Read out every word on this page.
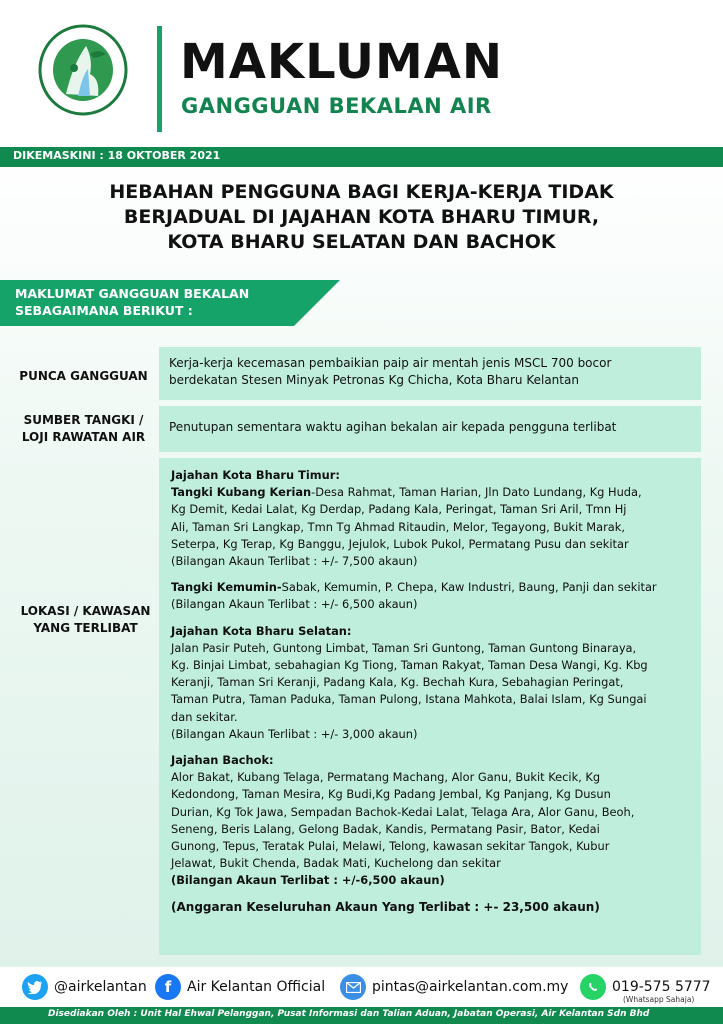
MAKLUMAN
GANGGUAN BEKALAN AIR
DIKEMASKINI : 18 OKTOBER 2021
HEBAHAN PENGGUNA BAGI KERJA-KERJA TIDAK
BERJADUAL DI JAJAHAN KOTA BHARU TIMUR,
KOTA BHARU SELATAN DAN BACHOK
MAKLUMAT GANGGUAN BEKALAN
SEBAGAIMANA BERIKUT :
PUNCA GANGGUAN
Kerja-kerja kecemasan pembaikian paip air mentah jenis MSCL 700 bocor
berdekatan Stesen Minyak Petronas Kg Chicha, Kota Bharu Kelantan
SUMBER TANGKI /
LOJI RAWATAN AIR
Penutupan sementara waktu agihan bekalan air kepada pengguna terlibat
LOKASI / KAWASAN
YANG TERLIBAT
Jajahan Kota Bharu Timur:
Tangki Kubang Kerian-Desa Rahmat, Taman Harian, Jln Dato Lundang, Kg Huda,
Kg Demit, Kedai Lalat, Kg Derdap, Padang Kala, Peringat, Taman Sri Aril, Tmn Hj
Ali, Taman Sri Langkap, Tmn Tg Ahmad Ritaudin, Melor, Tegayong, Bukit Marak,
Seterpa, Kg Terap, Kg Banggu, Jejulok, Lubok Pukol, Permatang Pusu dan sekitar
(Bilangan Akaun Terlibat : +/- 7,500 akaun)
Tangki Kemumin-Sabak, Kemumin, P. Chepa, Kaw Industri, Baung, Panji dan sekitar
(Bilangan Akaun Terlibat : +/- 6,500 akaun)
Jajahan Kota Bharu Selatan:
Jalan Pasir Puteh, Guntong Limbat, Taman Sri Guntong, Taman Guntong Binaraya,
Kg. Binjai Limbat, sebahagian Kg Tiong, Taman Rakyat, Taman Desa Wangi, Kg. Kbg
Keranji, Taman Sri Keranji, Padang Kala, Kg. Bechah Kura, Sebahagian Peringat,
Taman Putra, Taman Paduka, Taman Pulong, Istana Mahkota, Balai Islam, Kg Sungai
dan sekitar.
(Bilangan Akaun Terlibat : +/- 3,000 akaun)
Jajahan Bachok:
Alor Bakat, Kubang Telaga, Permatang Machang, Alor Ganu, Bukit Kecik, Kg
Kedondong, Taman Mesira, Kg Budi,Kg Padang Jembal, Kg Panjang, Kg Dusun
Durian, Kg Tok Jawa, Sempadan Bachok-Kedai Lalat, Telaga Ara, Alor Ganu, Beoh,
Seneng, Beris Lalang, Gelong Badak, Kandis, Permatang Pasir, Bator, Kedai
Gunong, Tepus, Teratak Pulai, Melawi, Telong, kawasan sekitar Tangok, Kubur
Jelawat, Bukit Chenda, Badak Mati, Kuchelong dan sekitar
(Bilangan Akaun Terlibat : +/-6,500 akaun)
(Anggaran Keseluruhan Akaun Yang Terlibat : +- 23,500 akaun)
@airkelantan	f	Air Kelantan Official	pintas@airkelantan.com.my	019-575 5777
(Whatsapp Sahaja)
Disediakan Oleh : Unit Hal Ehwal Pelanggan, Pusat Informasi dan Talian Aduan, Jabatan Operasi, Air Kelantan Sdn Bhd
